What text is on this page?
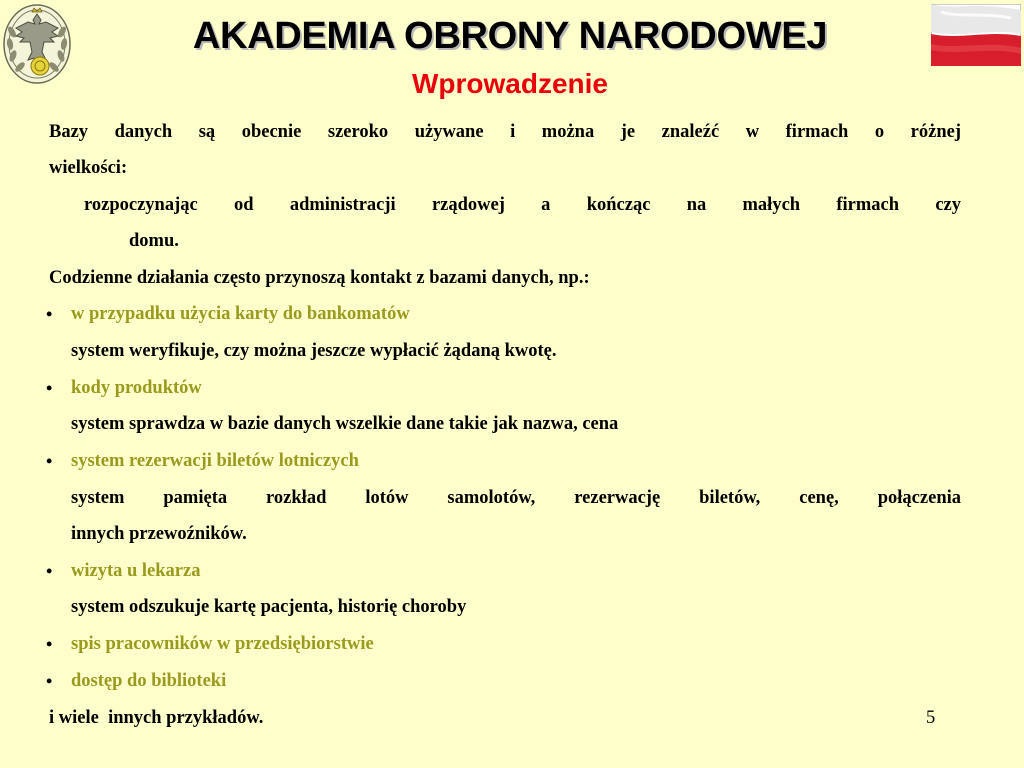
AKADEMIA OBRONY NARODOWEJ
Wprowadzenie
Bazy danych są obecnie szeroko używane i można je znaleźć w firmach o różnej
wielkości:
rozpoczynając od administracji rządowej a kończąc na małych firmach czy
domu.
Codzienne działania często przynoszą kontakt z bazami danych, np.:
• w przypadku użycia karty do bankomatów
system weryfikuje, czy można jeszcze wypłacić żądaną kwotę.
• kody produktów
system sprawdza w bazie danych wszelkie dane takie jak nazwa, cena
• system rezerwacji biletów lotniczych
system pamięta rozkład lotów samolotów, rezerwację biletów, cenę, połączenia
innych przewoźników.
• wizyta u lekarza
system odszukuje kartę pacjenta, historię choroby
• spis pracowników w przedsiębiorstwie
• dostęp do biblioteki
i wiele  innych przykładów.	5
